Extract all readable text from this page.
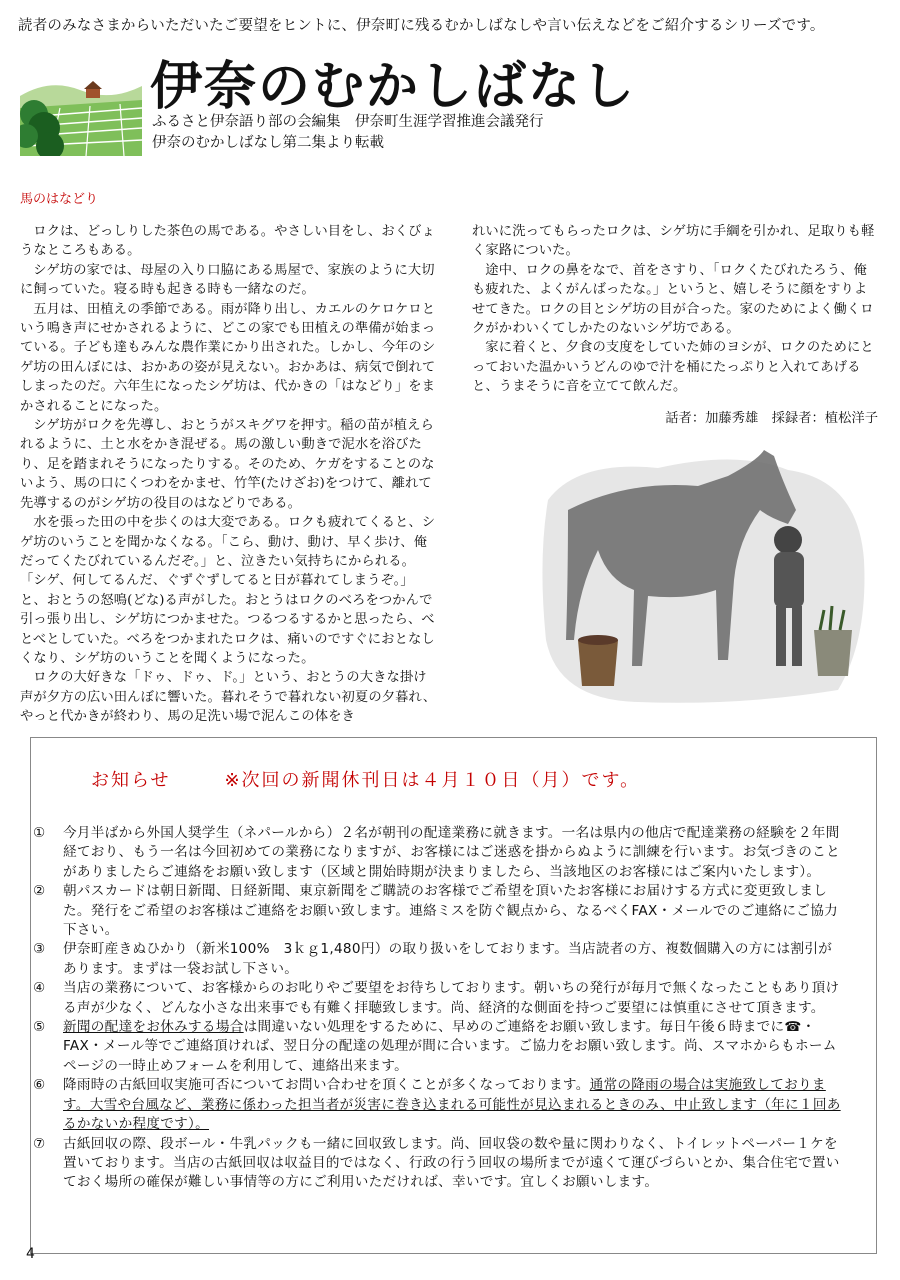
読者のみなさまからいただいたご要望をヒントに、伊奈町に残るむかしばなしや言い伝えなどをご紹介するシリーズです。
伊奈のむかしばなし
ふるさと伊奈語り部の会編集　伊奈町生涯学習推進会議発行
伊奈のむかしばなし第二集より転載
馬のはなどり

ロクは、どっしりした茶色の馬である。やさしい目をし、おくびょうなところもある。

シゲ坊の家では、母屋の入り口脇にある馬屋で、家族のように大切に飼っていた。寝る時も起きる時も一緒なのだ。

五月は、田植えの季節である。雨が降り出し、カエルのケロケロという鳴き声にせかされるように、どこの家でも田植えの準備が始まっている。子ども達もみんな農作業にかり出された。しかし、今年のシゲ坊の田んぼには、おかあの姿が見えない。おかあは、病気で倒れてしまったのだ。六年生になったシゲ坊は、代かきの「はなどり」をまかされることになった。

シゲ坊がロクを先導し、おとうがスキグワを押す。稲の苗が植えられるように、土と水をかき混ぜる。馬の激しい動きで泥水を浴びたり、足を踏まれそうになったりする。そのため、ケガをすることのないよう、馬の口にくつわをかませ、竹竿(たけざお)をつけて、離れて先導するのがシゲ坊の役目のはなどりである。

水を張った田の中を歩くのは大変である。ロクも疲れてくると、シゲ坊のいうことを聞かなくなる。「こら、動け、動け、早く歩け、俺だってくたびれているんだぞ。」と、泣きたい気持ちにかられる。

「シゲ、何してるんだ、ぐずぐずしてると日が暮れてしまうぞ。」と、おとうの怒鳴(どな)る声がした。おとうはロクのべろをつかんで引っ張り出し、シゲ坊につかませた。つるつるするかと思ったら、べとべとしていた。べろをつかまれたロクは、痛いのですぐにおとなしくなり、シゲ坊のいうことを聞くようになった。

ロクの大好きな「ドゥ、ドゥ、ド。」という、おとうの大きな掛け声が夕方の広い田んぼに響いた。暮れそうで暮れない初夏の夕暮れ、やっと代かきが終わり、馬の足洗い場で泥んこの体をき

れいに洗ってもらったロクは、シゲ坊に手綱を引かれ、足取りも軽く家路についた。

途中、ロクの鼻をなで、首をさすり、「ロクくたびれたろう、俺も疲れた、よくがんばったな。」というと、嬉しそうに顔をすりよせてきた。ロクの目とシゲ坊の目が合った。家のためによく働くロクがかわいくてしかたのないシゲ坊である。

家に着くと、夕食の支度をしていた姉のヨシが、ロクのためにとっておいた温かいうどんのゆで汁を桶にたっぷりと入れてあげると、うまそうに音を立てて飲んだ。

話者：加藤秀雄　採録者：植松洋子
お知らせ	※次回の新聞休刊日は４月１０日（月）です。
①	今月半ばから外国人奨学生（ネパールから）２名が朝刊の配達業務に就きます。一名は県内の他店で配達業務の経験を２年間経ており、もう一名は今回初めての業務になりますが、お客様にはご迷惑を掛からぬように訓練を行います。お気づきのことがありましたらご連絡をお願い致します（区域と開始時期が決まりましたら、当該地区のお客様にはご案内いたします）。
②	朝パスカードは朝日新聞、日経新聞、東京新聞をご購読のお客様でご希望を頂いたお客様にお届けする方式に変更致しました。発行をご希望のお客様はご連絡をお願い致します。連絡ミスを防ぐ観点から、なるべくFAX・メールでのご連絡にご協力下さい。
③	伊奈町産きぬひかり（新米100%　3ｋｇ1,480円）の取り扱いをしております。当店読者の方、複数個購入の方には割引があります。まずは一袋お試し下さい。
④	当店の業務について、お客様からのお叱りやご要望をお待ちしております。朝いちの発行が毎月で無くなったこともあり頂ける声が少なく、どんな小さな出来事でも有難く拝聴致します。尚、経済的な側面を持つご要望には慎重にさせて頂きます。
⑤	新聞の配達をお休みする場合は間違いない処理をするために、早めのご連絡をお願い致します。毎日午後６時までに☎・FAX・メール等でご連絡頂ければ、翌日分の配達の処理が間に合います。ご協力をお願い致します。尚、スマホからもホームページの一時止めフォームを利用して、連絡出来ます。
⑥	降雨時の古紙回収実施可否についてお問い合わせを頂くことが多くなっております。通常の降雨の場合は実施致しております。大雪や台風など、業務に係わった担当者が災害に巻き込まれる可能性が見込まれるときのみ、中止致します（年に１回あるかないか程度です）。
⑦	古紙回収の際、段ボール・牛乳パックも一緒に回収致します。尚、回収袋の数や量に関わりなく、トイレットペーパー１ケを置いております。当店の古紙回収は収益目的ではなく、行政の行う回収の場所までが遠くて運びづらいとか、集合住宅で置いておく場所の確保が難しい事情等の方にご利用いただければ、幸いです。宜しくお願いします。
4
